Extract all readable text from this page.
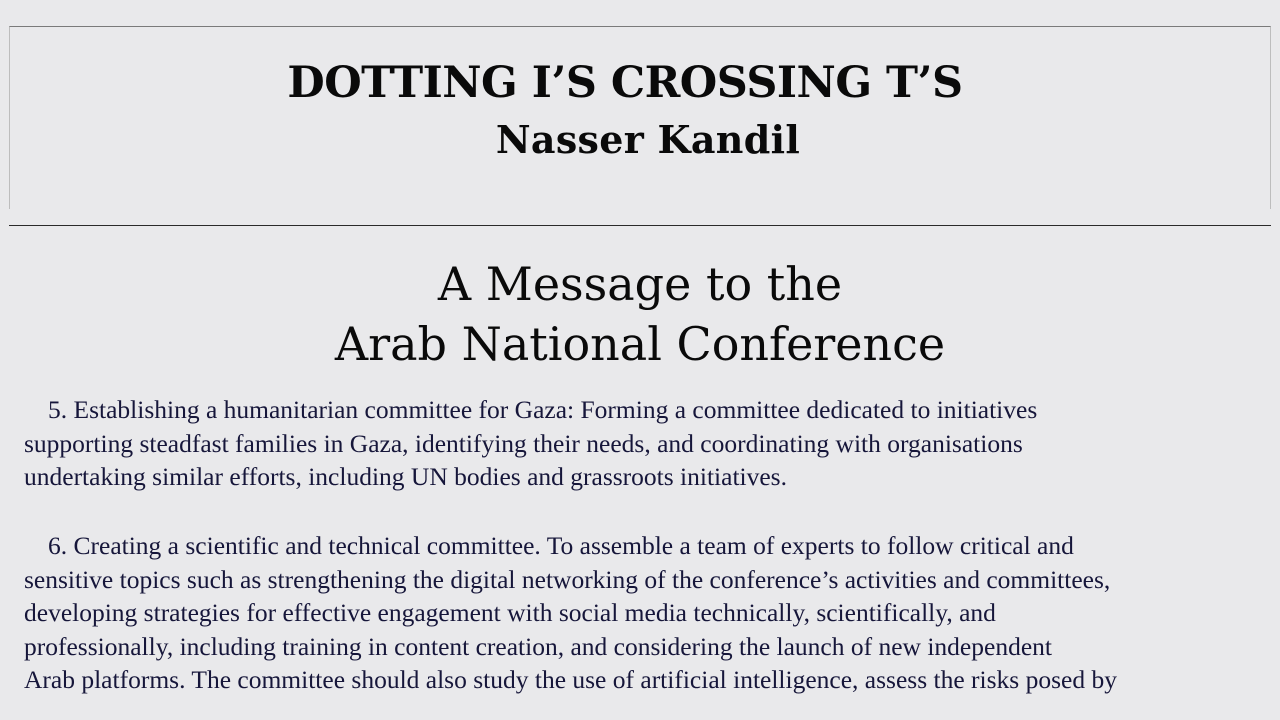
DOTTING I’S CROSSING T’S
Nasser Kandil
A Message to the
Arab National Conference

5. Establishing a humanitarian committee for Gaza: Forming a committee dedicated to initiatives
supporting steadfast families in Gaza, identifying their needs, and coordinating with organisations
undertaking similar efforts, including UN bodies and grassroots initiatives.

6. Creating a scientific and technical committee. To assemble a team of experts to follow critical and
sensitive topics such as strengthening the digital networking of the conference’s activities and committees,
developing strategies for effective engagement with social media technically, scientifically, and
professionally, including training in content creation, and considering the launch of new independent
Arab platforms. The committee should also study the use of artificial intelligence, assess the risks posed by
